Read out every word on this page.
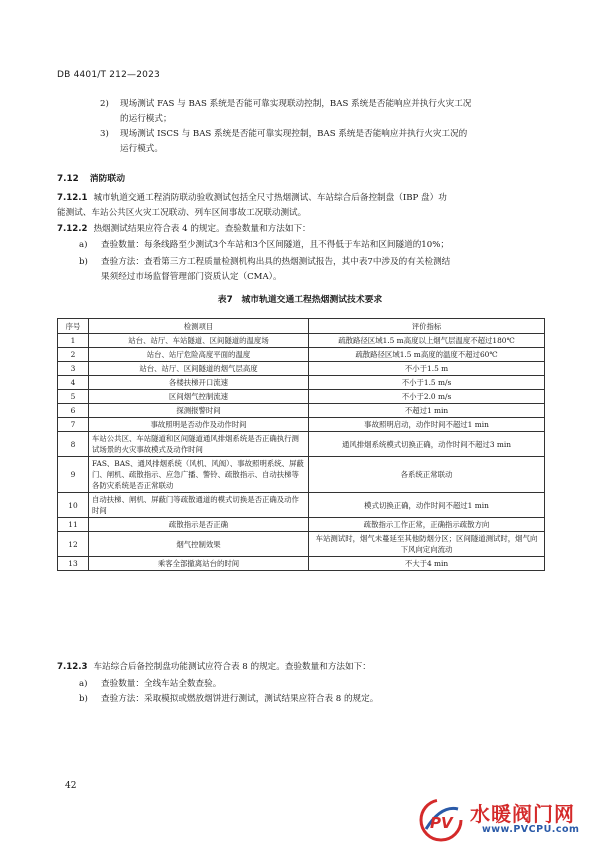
DB 4401/T 212—2023
2) 现场测试 FAS 与 BAS 系统是否能可靠实现联动控制，BAS 系统是否能响应并执行火灾工况
的运行模式；
3) 现场测试 ISCS 与 BAS 系统是否能可靠实现控制，BAS 系统是否能响应并执行火灾工况的
运行模式。
7.12 消防联动
7.12.1 城市轨道交通工程消防联动验收测试包括全尺寸热烟测试、车站综合后备控制盘（IBP 盘）功
能测试、车站公共区火灾工况联动、列车区间事故工况联动测试。
7.12.2 热烟测试结果应符合表 4 的规定。查验数量和方法如下：
a) 查验数量：每条线路至少测试3个车站和3个区间隧道，且不得低于车站和区间隧道的10%；
b) 查验方法：查看第三方工程质量检测机构出具的热烟测试报告，其中表7中涉及的有关检测结
果须经过市场监督管理部门资质认定（CMA）。
表7　城市轨道交通工程热烟测试技术要求
序号	检测项目	评价指标
1	站台、站厅、车站隧道、区间隧道的温度场	疏散路径区域1.5 m高度以上烟气层温度不超过180℃
2	站台、站厅危险高度平面的温度	疏散路径区域1.5 m高度的温度不超过60℃
3	站台、站厅、区间隧道的烟气层高度	不小于1.5 m
4	各楼扶梯开口流速	不小于1.5 m/s
5	区间烟气控制流速	不小于2.0 m/s
6	探测报警时间	不超过1 min
7	事故照明是否动作及动作时间	事故照明启动，动作时间不超过1 min
8	车站公共区、车站隧道和区间隧道通风排烟系统是否正确执行测试场景的火灾事故模式及动作时间	通风排烟系统模式切换正确，动作时间不超过3 min
9	FAS、BAS、通风排烟系统（风机、风阀）、事故照明系统、屏蔽门、闸机、疏散指示、应急广播、警铃、疏散指示、自动扶梯等各防灾系统是否正常联动	各系统正常联动
10	自动扶梯、闸机、屏蔽门等疏散通道的模式切换是否正确及动作时间	模式切换正确，动作时间不超过1 min
11	疏散指示是否正确	疏散指示工作正常，正确指示疏散方向
12	烟气控制效果	车站测试时，烟气未蔓延至其他防烟分区；区间隧道测试时，烟气向下风向定向流动
13	乘客全部撤离站台的时间	不大于4 min
7.12.3 车站综合后备控制盘功能测试应符合表 8 的规定。查验数量和方法如下：
a) 查验数量：全线车站全数查验。
b) 查验方法：采取模拟或燃放烟饼进行测试，测试结果应符合表 8 的规定。
42
PV 水暖阀门网
www.PVCPU.com
